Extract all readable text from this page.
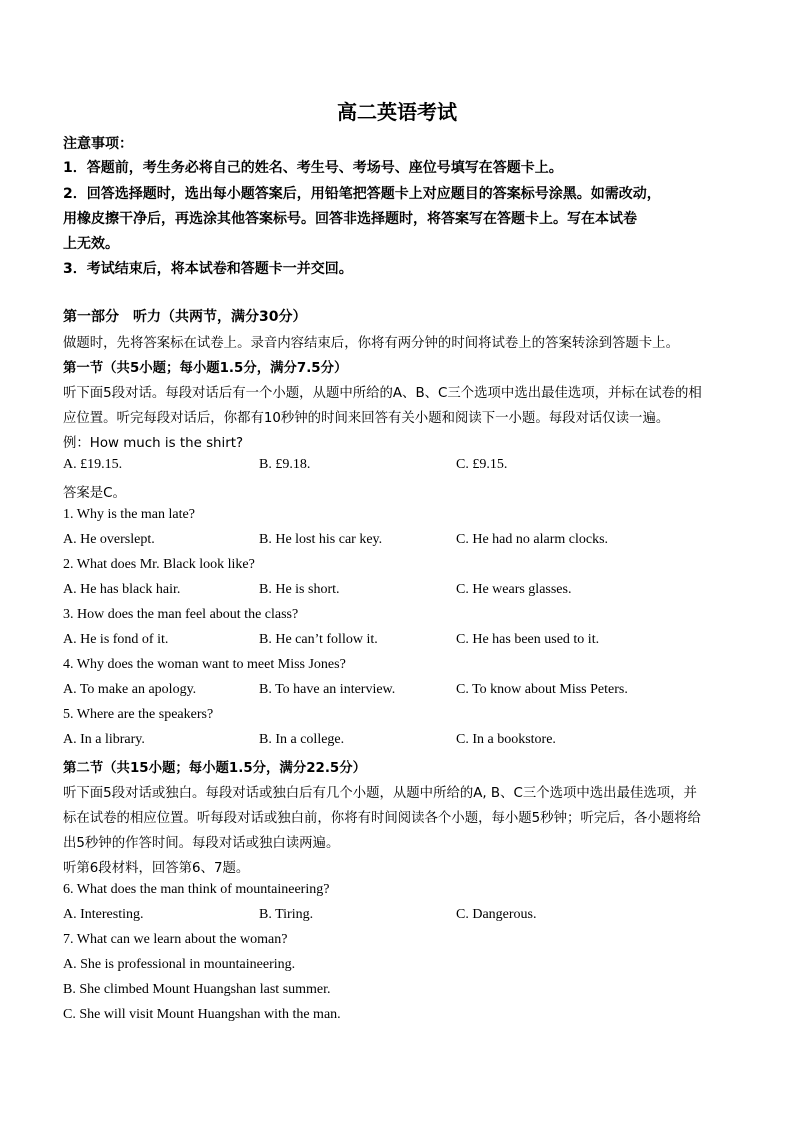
高二英语考试
注意事项：
1．答题前，考生务必将自己的姓名、考生号、考场号、座位号填写在答题卡上。
2．回答选择题时，选出每小题答案后，用铅笔把答题卡上对应题目的答案标号涂黑。如需改动，
用橡皮擦干净后，再选涂其他答案标号。回答非选择题时，将答案写在答题卡上。写在本试卷
上无效。
3．考试结束后，将本试卷和答题卡一并交回。
第一部分　听力（共两节，满分30分）
做题时，先将答案标在试卷上。录音内容结束后，你将有两分钟的时间将试卷上的答案转涂到答题卡上。
第一节（共5小题；每小题1.5分，满分7.5分）
听下面5段对话。每段对话后有一个小题，从题中所给的A、B、C三个选项中选出最佳选项，并标在试卷的相
应位置。听完每段对话后，你都有10秒钟的时间来回答有关小题和阅读下一小题。每段对话仅读一遍。
例：How much is the shirt?
A. £19.15.	B. £9.18.	C. £9.15.
答案是C。
1. Why is the man late?
A. He overslept.	B. He lost his car key.	C. He had no alarm clocks.
2. What does Mr. Black look like?
A. He has black hair.	B. He is short.	C. He wears glasses.
3. How does the man feel about the class?
A. He is fond of it.	B. He can’t follow it.	C. He has been used to it.
4. Why does the woman want to meet Miss Jones?
A. To make an apology.	B. To have an interview.	C. To know about Miss Peters.
5. Where are the speakers?
A. In a library.	B. In a college.	C. In a bookstore.
第二节（共15小题；每小题1.5分，满分22.5分）
听下面5段对话或独白。每段对话或独白后有几个小题，从题中所给的A, B、C三个选项中选出最佳选项，并
标在试卷的相应位置。听每段对话或独白前，你将有时间阅读各个小题，每小题5秒钟；听完后，各小题将给
出5秒钟的作答时间。每段对话或独白读两遍。
听第6段材料，回答第6、7题。
6. What does the man think of mountaineering?
A. Interesting.	B. Tiring.	C. Dangerous.
7. What can we learn about the woman?
A. She is professional in mountaineering.
B. She climbed Mount Huangshan last summer.
C. She will visit Mount Huangshan with the man.
